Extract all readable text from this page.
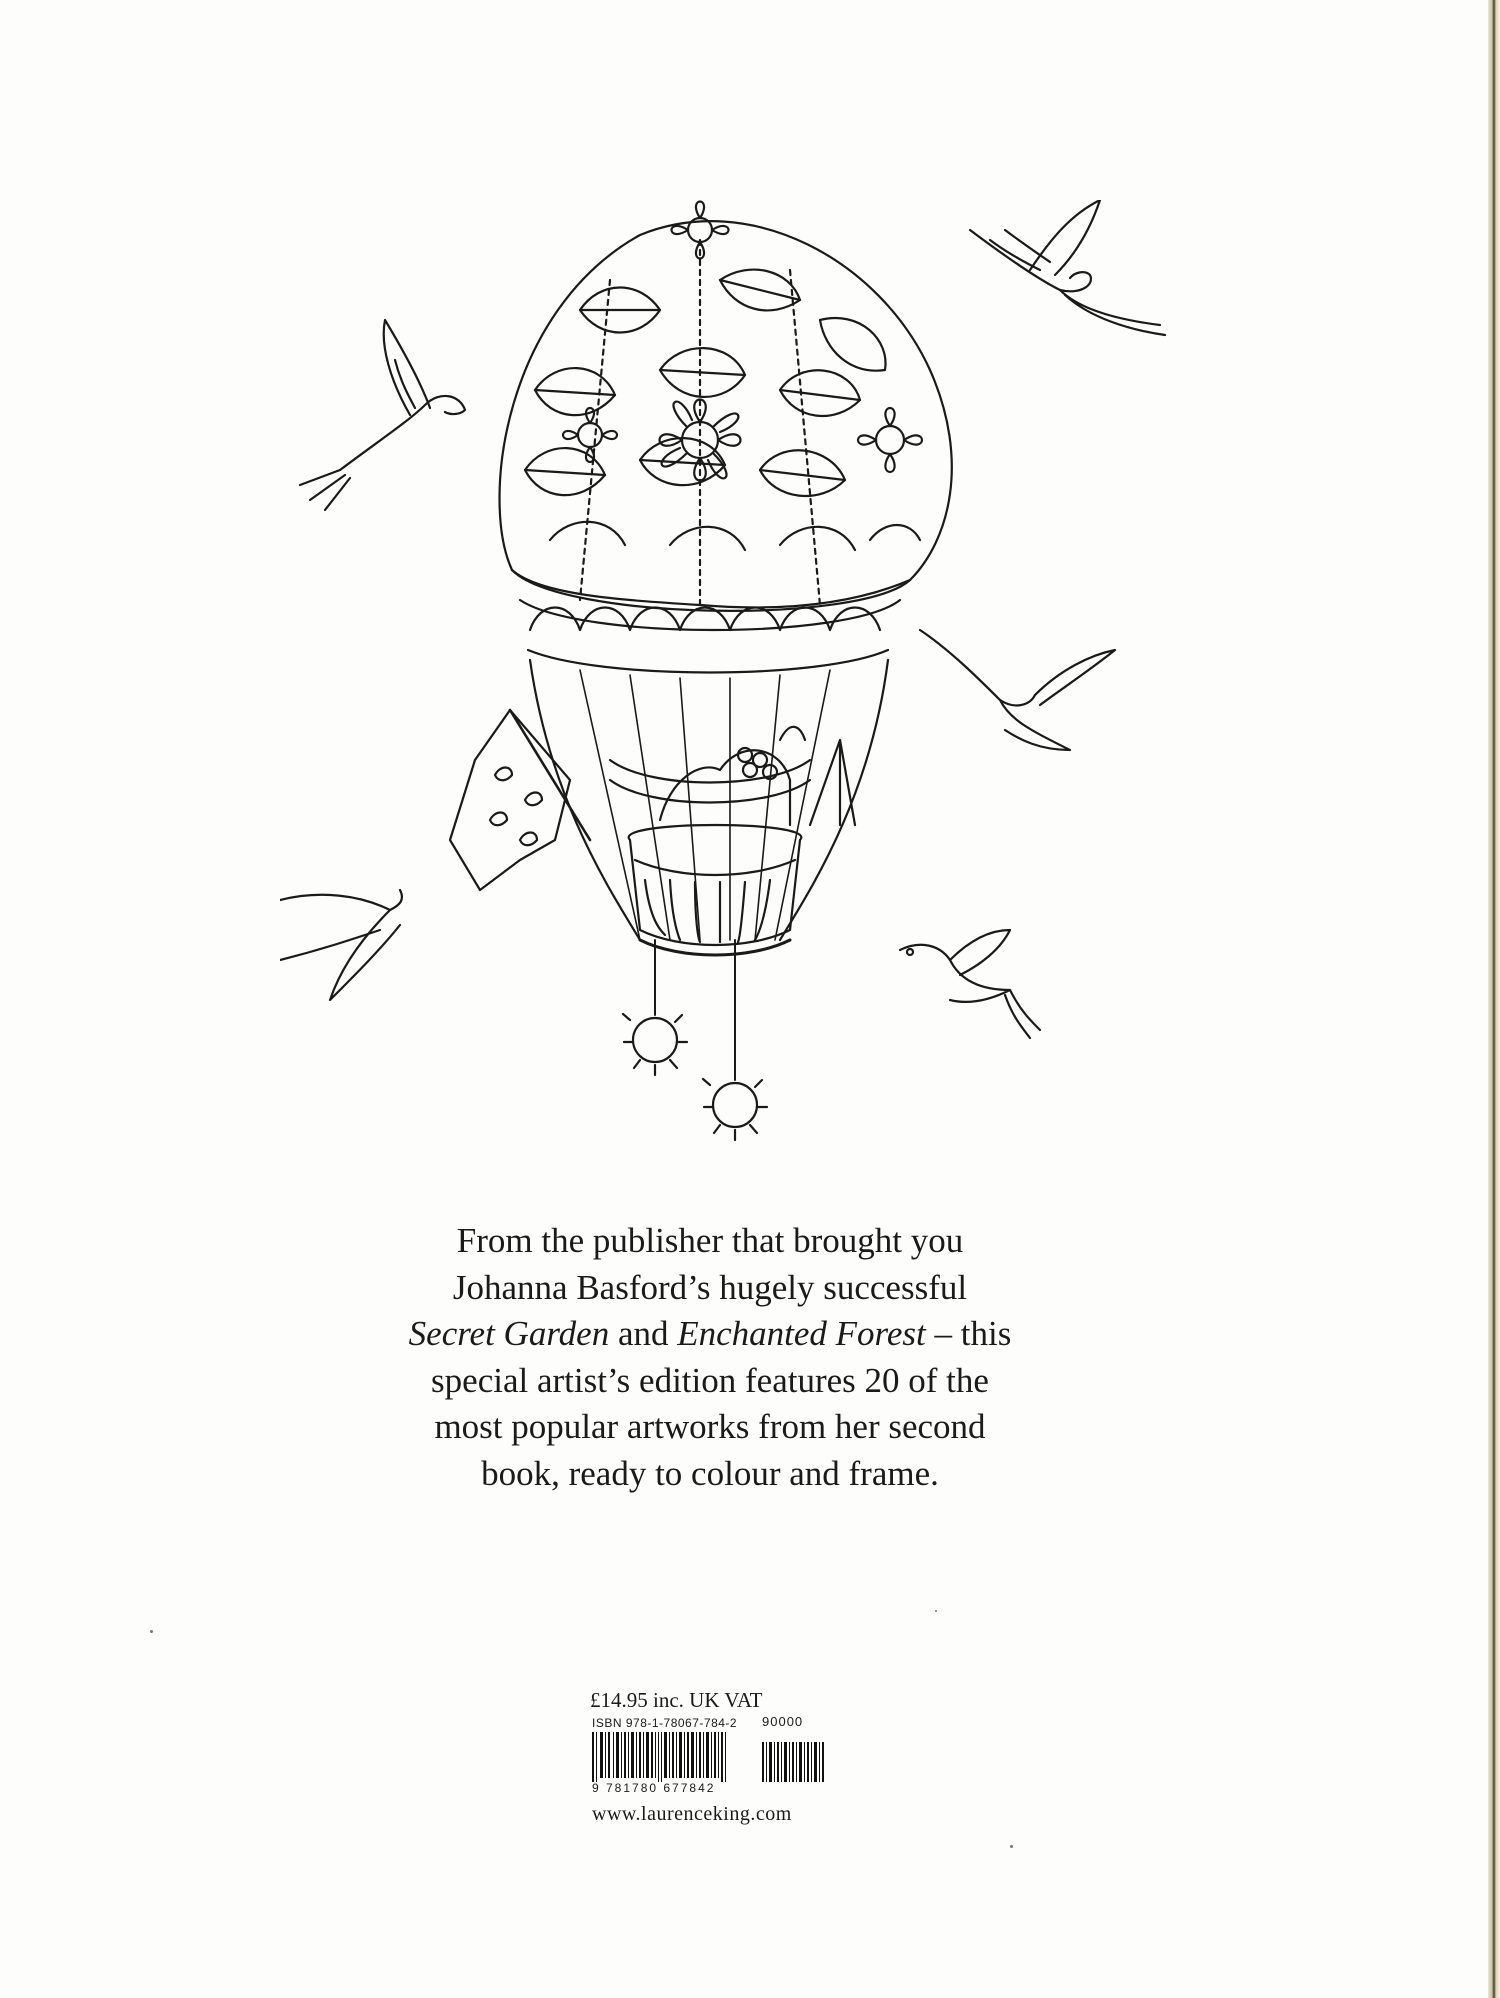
From the publisher that brought you

Johanna Basford’s hugely successful

Secret Garden and Enchanted Forest – this

special artist’s edition features 20 of the

most popular artworks from her second

book, ready to colour and frame.

£14.95 inc. UK VAT
ISBN 978-1-78067-784-2 90000
9 781780 677842
www.laurenceking.com
